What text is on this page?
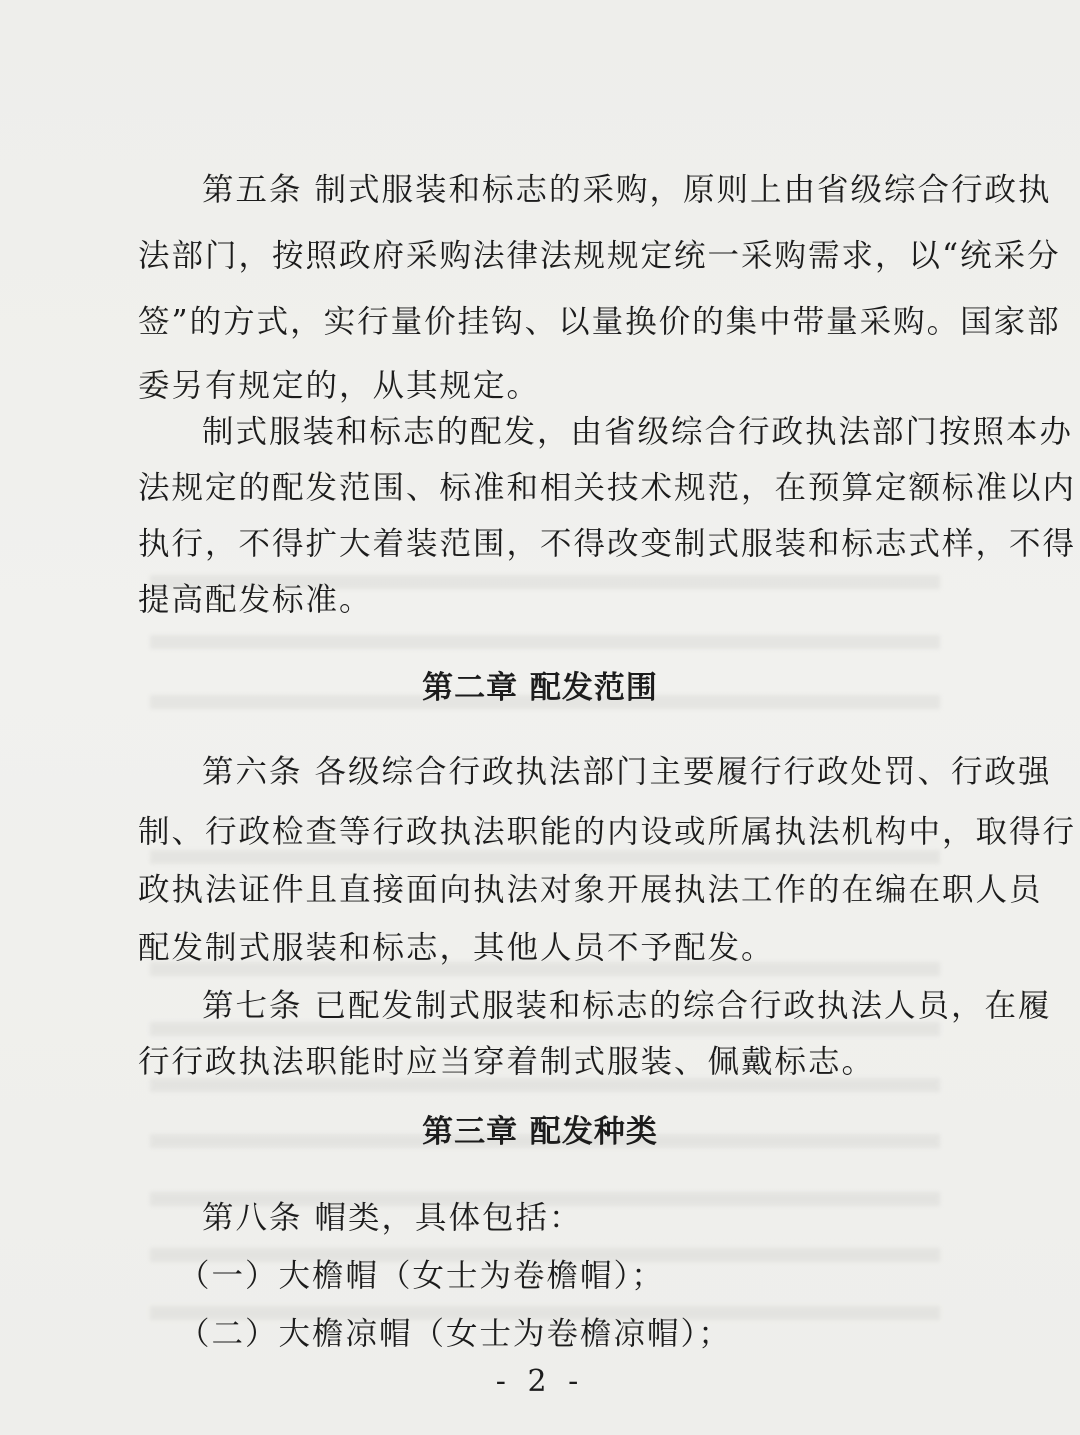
第五条 制式服装和标志的采购，原则上由省级综合行政执

法部门，按照政府采购法律法规规定统一采购需求，以“统采分

签”的方式，实行量价挂钩、以量换价的集中带量采购。国家部

委另有规定的，从其规定。

制式服装和标志的配发，由省级综合行政执法部门按照本办

法规定的配发范围、标准和相关技术规范，在预算定额标准以内

执行，不得扩大着装范围，不得改变制式服装和标志式样，不得

提高配发标准。

第二章 配发范围

第六条 各级综合行政执法部门主要履行行政处罚、行政强

制、行政检查等行政执法职能的内设或所属执法机构中，取得行

政执法证件且直接面向执法对象开展执法工作的在编在职人员

配发制式服装和标志，其他人员不予配发。

第七条 已配发制式服装和标志的综合行政执法人员，在履

行行政执法职能时应当穿着制式服装、佩戴标志。

第三章 配发种类

第八条 帽类，具体包括：

（一）大檐帽（女士为卷檐帽）；

（二）大檐凉帽（女士为卷檐凉帽）；

- 2 -
